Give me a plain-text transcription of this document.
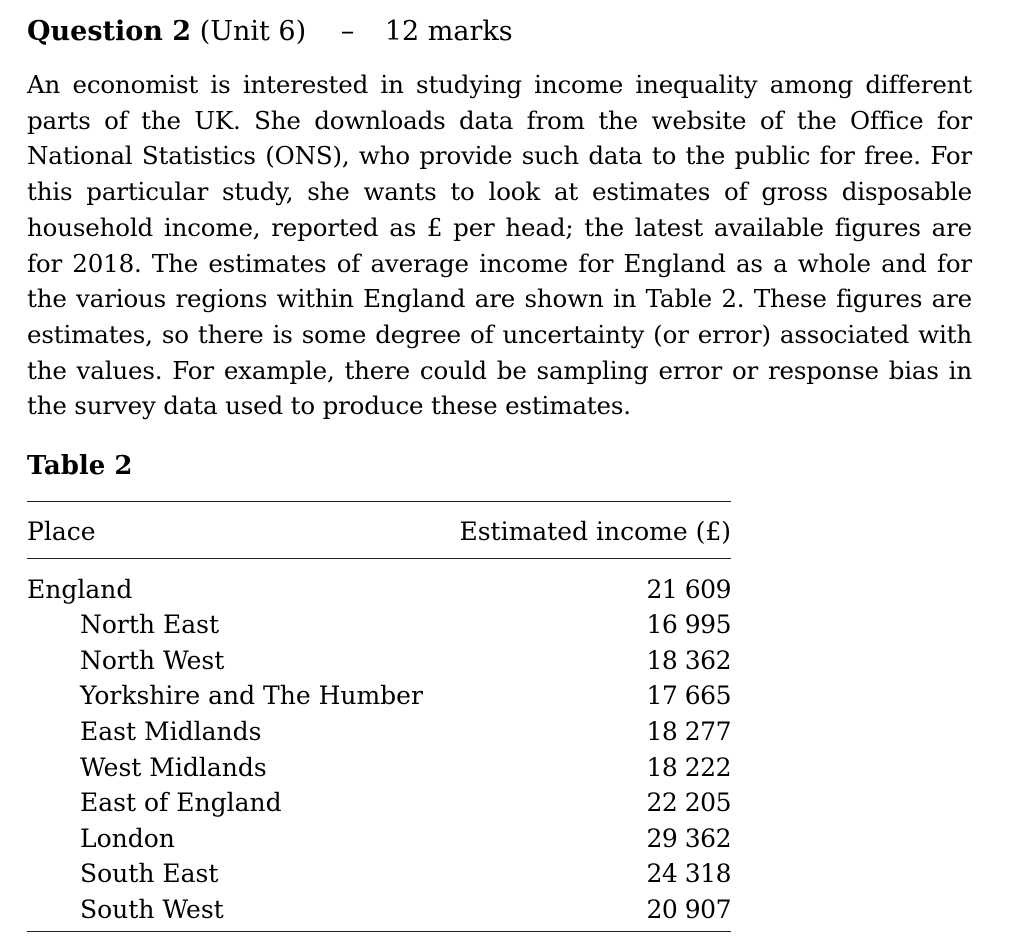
Question 2 (Unit 6) – 12 marks

An economist is interested in studying income inequality among different parts of the UK. She downloads data from the website of the Office for National Statistics (ONS), who provide such data to the public for free. For this particular study, she wants to look at estimates of gross disposable household income, reported as £ per head; the latest available figures are for 2018. The estimates of average income for England as a whole and for the various regions within England are shown in Table 2. These figures are estimates, so there is some degree of uncertainty (or error) associated with the values. For example, there could be sampling error or response bias in the survey data used to produce these estimates.

Table 2
Place	Estimated income (£)
England	21 609
North East	16 995
North West	18 362
Yorkshire and The Humber	17 665
East Midlands	18 277
West Midlands	18 222
East of England	22 205
London	29 362
South East	24 318
South West	20 907
